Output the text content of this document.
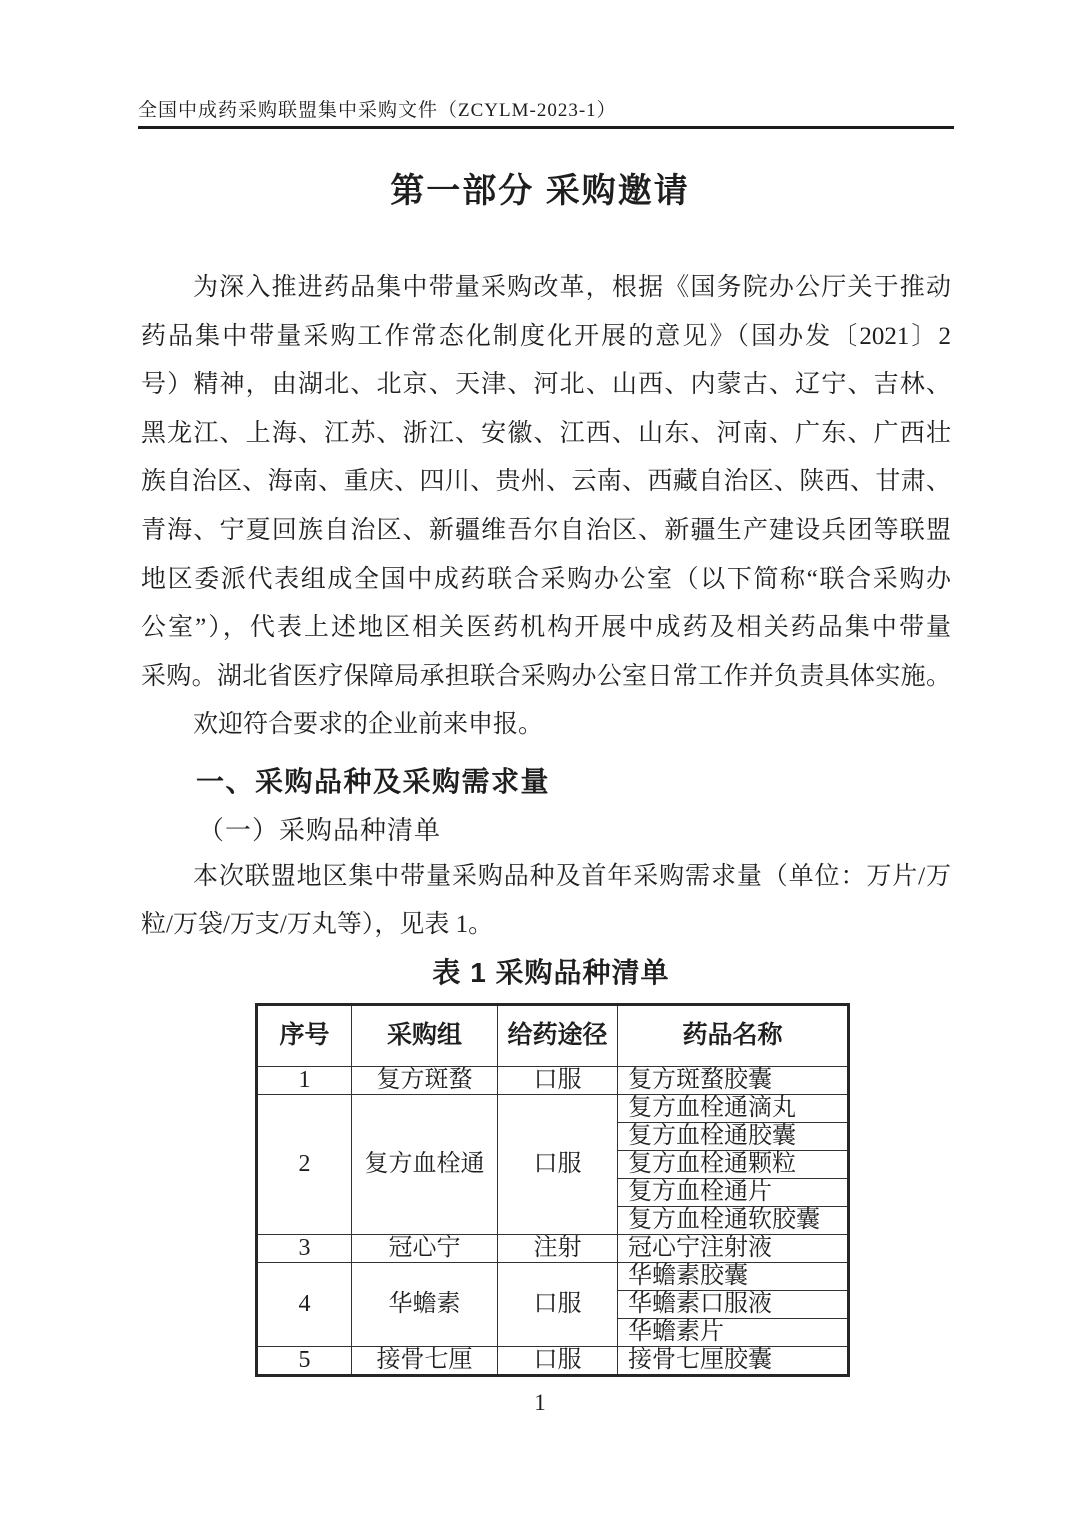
全国中成药采购联盟集中采购文件（ZCYLM-2023-1）
第一部分 采购邀请
为深入推进药品集中带量采购改革，根据《国务院办公厅关于推动
药品集中带量采购工作常态化制度化开展的意见》（国办发〔2021〕2
号）精神，由湖北、北京、天津、河北、山西、内蒙古、辽宁、吉林、
黑龙江、上海、江苏、浙江、安徽、江西、山东、河南、广东、广西壮
族自治区、海南、重庆、四川、贵州、云南、西藏自治区、陕西、甘肃、
青海、宁夏回族自治区、新疆维吾尔自治区、新疆生产建设兵团等联盟
地区委派代表组成全国中成药联合采购办公室（以下简称“联合采购办
公室”），代表上述地区相关医药机构开展中成药及相关药品集中带量
采购。湖北省医疗保障局承担联合采购办公室日常工作并负责具体实施。
欢迎符合要求的企业前来申报。
一、采购品种及采购需求量
（一）采购品种清单
本次联盟地区集中带量采购品种及首年采购需求量（单位：万片/万
粒/万袋/万支/万丸等），见表 1。
表 1 采购品种清单
序号	采购组	给药途径	药品名称
1	复方斑蝥	口服	复方斑蝥胶囊
2	复方血栓通	口服	复方血栓通滴丸
			复方血栓通胶囊
			复方血栓通颗粒
			复方血栓通片
			复方血栓通软胶囊
3	冠心宁	注射	冠心宁注射液
4	华蟾素	口服	华蟾素胶囊
			华蟾素口服液
			华蟾素片
5	接骨七厘	口服	接骨七厘胶囊
1
